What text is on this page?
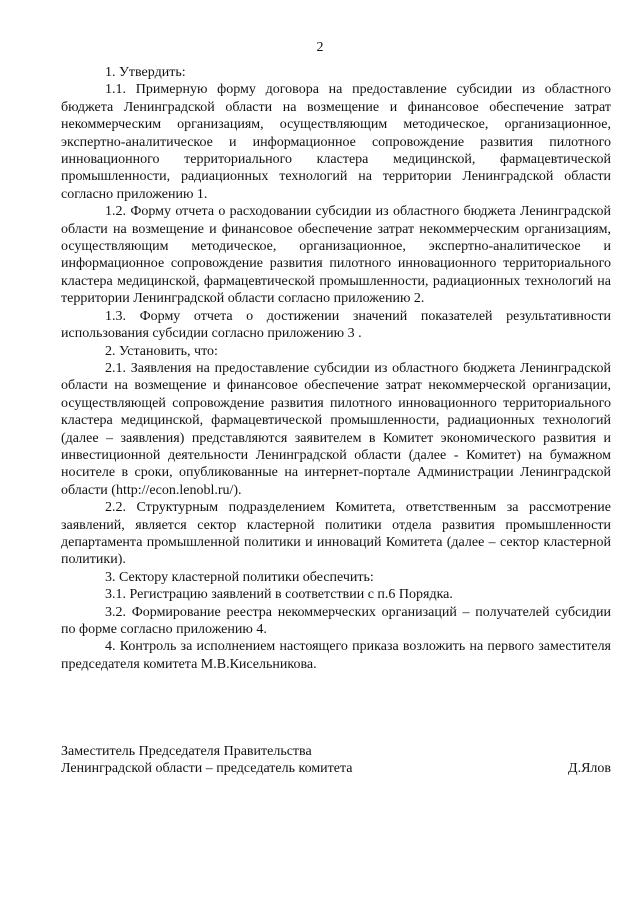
2

1. Утвердить:

1.1. Примерную форму договора на предоставление субсидии из областного бюджета Ленинградской области на возмещение и финансовое обеспечение затрат некоммерческим организациям, осуществляющим методическое, организационное, экспертно-аналитическое и информационное сопровождение развития пилотного инновационного территориального кластера медицинской, фармацевтической промышленности, радиационных технологий на территории Ленинградской области согласно приложению 1.

1.2. Форму отчета о расходовании субсидии из областного бюджета Ленинградской области на возмещение и финансовое обеспечение затрат некоммерческим организациям, осуществляющим методическое, организационное, экспертно-аналитическое и информационное сопровождение развития пилотного инновационного территориального кластера медицинской, фармацевтической промышленности, радиационных технологий на территории Ленинградской области согласно приложению 2.

1.3. Форму отчета о достижении значений показателей результативности использования субсидии согласно приложению 3 .

2. Установить, что:

2.1. Заявления на предоставление субсидии из областного бюджета Ленинградской области на возмещение и финансовое обеспечение затрат некоммерческой организации, осуществляющей сопровождение развития пилотного инновационного территориального кластера медицинской, фармацевтической промышленности, радиационных технологий (далее – заявления) представляются заявителем в Комитет экономического развития и инвестиционной деятельности Ленинградской области (далее - Комитет) на бумажном носителе в сроки, опубликованные на интернет-портале Администрации Ленинградской области (http://econ.lenobl.ru/).

2.2. Структурным подразделением Комитета, ответственным за рассмотрение заявлений, является сектор кластерной политики отдела развития промышленности департамента промышленной политики и инноваций Комитета (далее – сектор кластерной политики).

3. Сектору кластерной политики обеспечить:

3.1. Регистрацию заявлений в соответствии с п.6 Порядка.

3.2. Формирование реестра некоммерческих организаций – получателей субсидии по форме согласно приложению 4.

4. Контроль за исполнением настоящего приказа возложить на первого заместителя председателя комитета М.В.Кисельникова.

Заместитель Председателя Правительства
Ленинградской области – председатель комитета	Д.Ялов
